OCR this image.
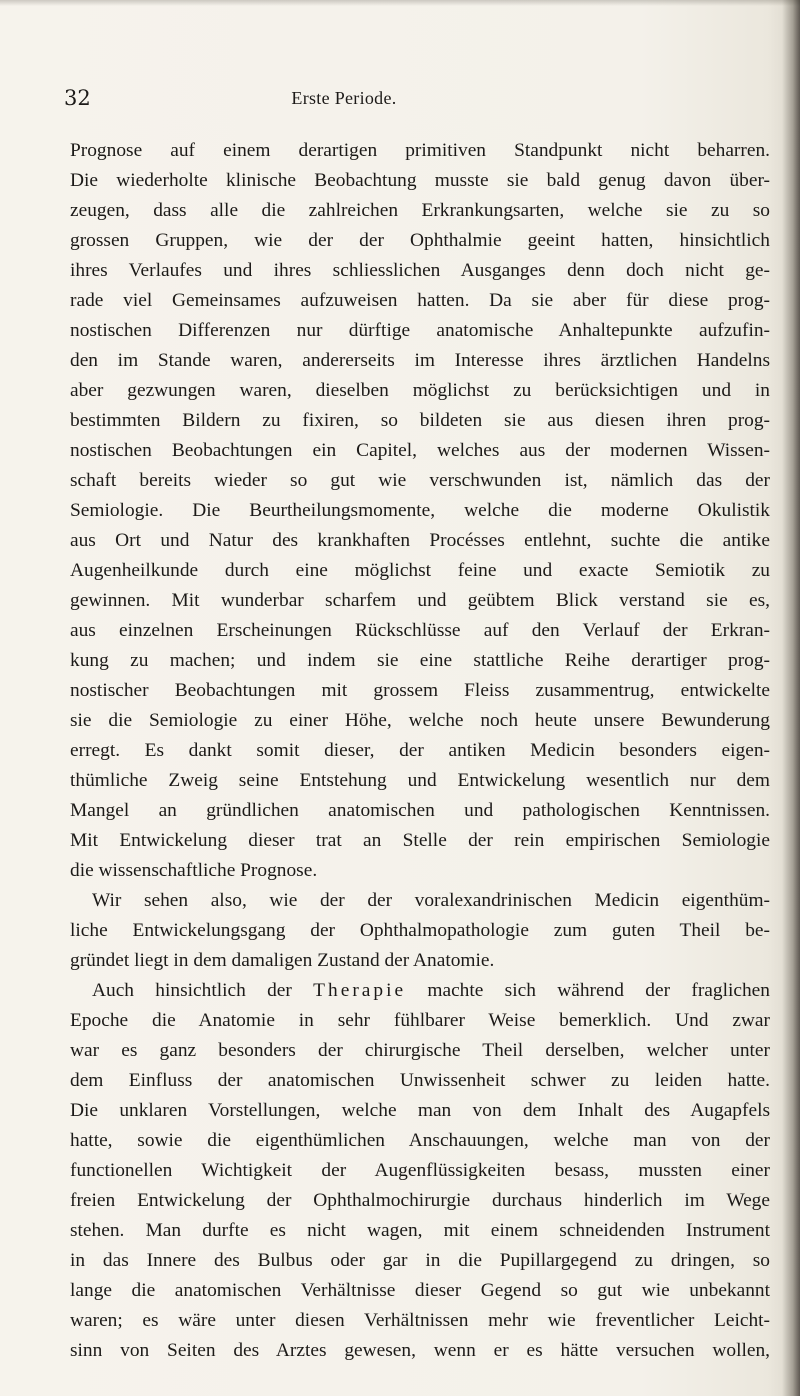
32	Erste Periode.
Prognose auf einem derartigen primitiven Standpunkt nicht beharren.
Die wiederholte klinische Beobachtung musste sie bald genug davon über-
zeugen, dass alle die zahlreichen Erkrankungsarten, welche sie zu so
grossen Gruppen, wie der der Ophthalmie geeint hatten, hinsichtlich
ihres Verlaufes und ihres schliesslichen Ausganges denn doch nicht ge-
rade viel Gemeinsames aufzuweisen hatten. Da sie aber für diese prog-
nostischen Differenzen nur dürftige anatomische Anhaltepunkte aufzufin-
den im Stande waren, andererseits im Interesse ihres ärztlichen Handelns
aber gezwungen waren, dieselben möglichst zu berücksichtigen und in
bestimmten Bildern zu fixiren, so bildeten sie aus diesen ihren prog-
nostischen Beobachtungen ein Capitel, welches aus der modernen Wissen-
schaft bereits wieder so gut wie verschwunden ist, nämlich das der
Semiologie. Die Beurtheilungsmomente, welche die moderne Okulistik
aus Ort und Natur des krankhaften Procésses entlehnt, suchte die antike
Augenheilkunde durch eine möglichst feine und exacte Semiotik zu
gewinnen. Mit wunderbar scharfem und geübtem Blick verstand sie es,
aus einzelnen Erscheinungen Rückschlüsse auf den Verlauf der Erkran-
kung zu machen; und indem sie eine stattliche Reihe derartiger prog-
nostischer Beobachtungen mit grossem Fleiss zusammentrug, entwickelte
sie die Semiologie zu einer Höhe, welche noch heute unsere Bewunderung
erregt. Es dankt somit dieser, der antiken Medicin besonders eigen-
thümliche Zweig seine Entstehung und Entwickelung wesentlich nur dem
Mangel an gründlichen anatomischen und pathologischen Kenntnissen.
Mit Entwickelung dieser trat an Stelle der rein empirischen Semiologie
die wissenschaftliche Prognose.
Wir sehen also, wie der der voralexandrinischen Medicin eigenthüm-
liche Entwickelungsgang der Ophthalmopathologie zum guten Theil be-
gründet liegt in dem damaligen Zustand der Anatomie.
Auch hinsichtlich der Therapie machte sich während der fraglichen
Epoche die Anatomie in sehr fühlbarer Weise bemerklich. Und zwar
war es ganz besonders der chirurgische Theil derselben, welcher unter
dem Einfluss der anatomischen Unwissenheit schwer zu leiden hatte.
Die unklaren Vorstellungen, welche man von dem Inhalt des Augapfels
hatte, sowie die eigenthümlichen Anschauungen, welche man von der
functionellen Wichtigkeit der Augenflüssigkeiten besass, mussten einer
freien Entwickelung der Ophthalmochirurgie durchaus hinderlich im Wege
stehen. Man durfte es nicht wagen, mit einem schneidenden Instrument
in das Innere des Bulbus oder gar in die Pupillargegend zu dringen, so
lange die anatomischen Verhältnisse dieser Gegend so gut wie unbekannt
waren; es wäre unter diesen Verhältnissen mehr wie freventlicher Leicht-
sinn von Seiten des Arztes gewesen, wenn er es hätte versuchen wollen,
